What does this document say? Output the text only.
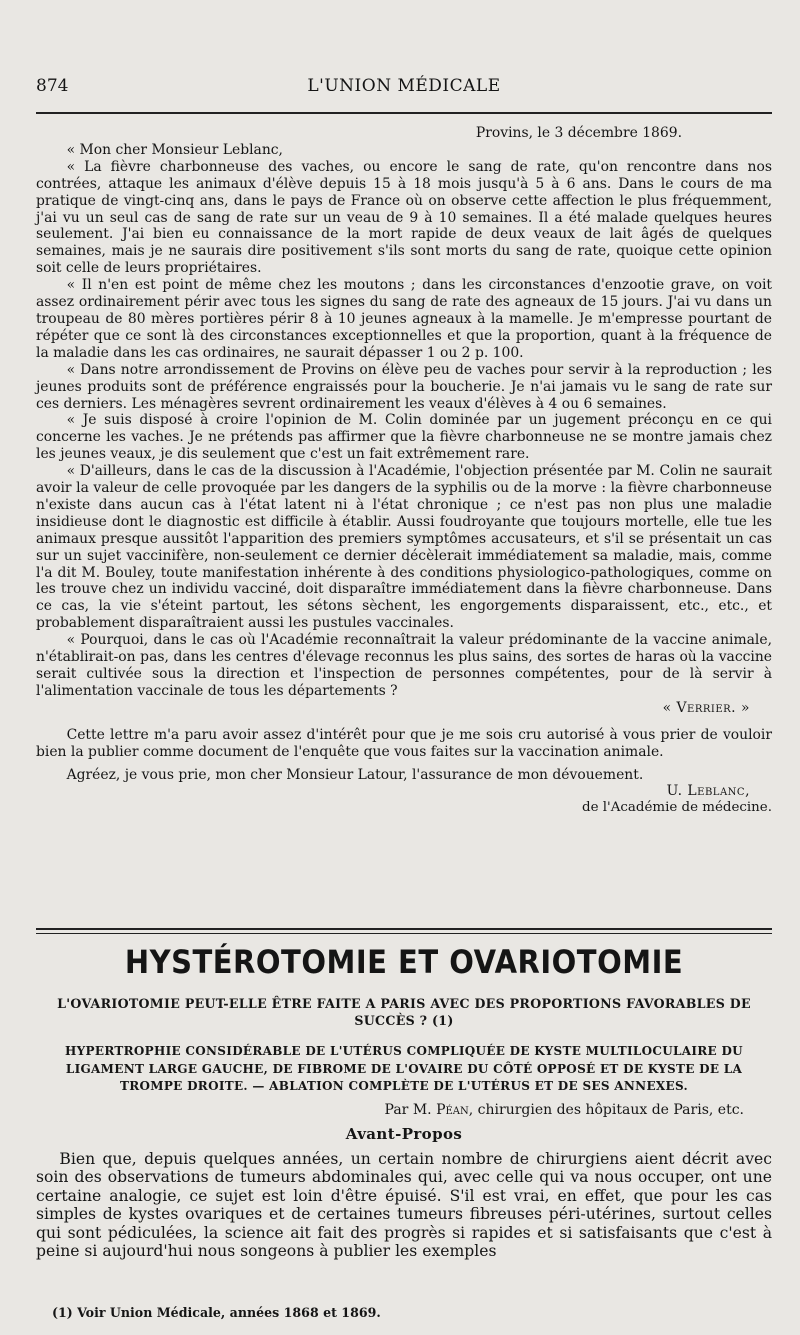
874	L'UNION MÉDICALE

Provins, le 3 décembre 1869.

« Mon cher Monsieur Leblanc,

« La fièvre charbonneuse des vaches, ou encore le sang de rate, qu'on rencontre dans nos contrées, attaque les animaux d'élève depuis 15 à 18 mois jusqu'à 5 à 6 ans. Dans le cours de ma pratique de vingt-cinq ans, dans le pays de France où on observe cette affection le plus fréquemment, j'ai vu un seul cas de sang de rate sur un veau de 9 à 10 semaines. Il a été malade quelques heures seulement. J'ai bien eu connaissance de la mort rapide de deux veaux de lait âgés de quelques semaines, mais je ne saurais dire positivement s'ils sont morts du sang de rate, quoique cette opinion soit celle de leurs propriétaires.

« Il n'en est point de même chez les moutons ; dans les circonstances d'enzootie grave, on voit assez ordinairement périr avec tous les signes du sang de rate des agneaux de 15 jours. J'ai vu dans un troupeau de 80 mères portières périr 8 à 10 jeunes agneaux à la mamelle. Je m'empresse pourtant de répéter que ce sont là des circonstances exceptionnelles et que la proportion, quant à la fréquence de la maladie dans les cas ordinaires, ne saurait dépasser 1 ou 2 p. 100.

« Dans notre arrondissement de Provins on élève peu de vaches pour servir à la reproduction ; les jeunes produits sont de préférence engraissés pour la boucherie. Je n'ai jamais vu le sang de rate sur ces derniers. Les ménagères sevrent ordinairement les veaux d'élèves à 4 ou 6 semaines.

« Je suis disposé à croire l'opinion de M. Colin dominée par un jugement préconçu en ce qui concerne les vaches. Je ne prétends pas affirmer que la fièvre charbonneuse ne se montre jamais chez les jeunes veaux, je dis seulement que c'est un fait extrêmement rare.

« D'ailleurs, dans le cas de la discussion à l'Académie, l'objection présentée par M. Colin ne saurait avoir la valeur de celle provoquée par les dangers de la syphilis ou de la morve : la fièvre charbonneuse n'existe dans aucun cas à l'état latent ni à l'état chronique ; ce n'est pas non plus une maladie insidieuse dont le diagnostic est difficile à établir. Aussi foudroyante que toujours mortelle, elle tue les animaux presque aussitôt l'apparition des premiers symptômes accusateurs, et s'il se présentait un cas sur un sujet vaccinifère, non-seulement ce dernier décèlerait immédiatement sa maladie, mais, comme l'a dit M. Bouley, toute manifestation inhérente à des conditions physiologico-pathologiques, comme on les trouve chez un individu vacciné, doit disparaître immédiatement dans la fièvre charbonneuse. Dans ce cas, la vie s'éteint partout, les sétons sèchent, les engorgements disparaissent, etc., etc., et probablement disparaîtraient aussi les pustules vaccinales.

« Pourquoi, dans le cas où l'Académie reconnaîtrait la valeur prédominante de la vaccine animale, n'établirait-on pas, dans les centres d'élevage reconnus les plus sains, des sortes de haras où la vaccine serait cultivée sous la direction et l'inspection de personnes compétentes, pour de là servir à l'alimentation vaccinale de tous les départements ?

« Verrier. »

Cette lettre m'a paru avoir assez d'intérêt pour que je me sois cru autorisé à vous prier de vouloir bien la publier comme document de l'enquête que vous faites sur la vaccination animale.

Agréez, je vous prie, mon cher Monsieur Latour, l'assurance de mon dévouement.

U. Leblanc,

de l'Académie de médecine.

HYSTÉROTOMIE ET OVARIOTOMIE
L'OVARIOTOMIE PEUT-ELLE ÊTRE FAITE A PARIS AVEC DES PROPORTIONS FAVORABLES DE SUCCÈS ? (1)
HYPERTROPHIE CONSIDÉRABLE DE L'UTÉRUS COMPLIQUÉE DE KYSTE MULTILOCULAIRE DU LIGAMENT LARGE GAUCHE, DE FIBROME DE L'OVAIRE DU CÔTÉ OPPOSÉ ET DE KYSTE DE LA TROMPE DROITE. — ABLATION COMPLÈTE DE L'UTÉRUS ET DE SES ANNEXES.
Par M. Péan, chirurgien des hôpitaux de Paris, etc.
Avant-Propos

Bien que, depuis quelques années, un certain nombre de chirurgiens aient décrit avec soin des observations de tumeurs abdominales qui, avec celle qui va nous occuper, ont une certaine analogie, ce sujet est loin d'être épuisé. S'il est vrai, en effet, que pour les cas simples de kystes ovariques et de certaines tumeurs fibreuses péri-utérines, surtout celles qui sont pédiculées, la science ait fait des progrès si rapides et si satisfaisants que c'est à peine si aujourd'hui nous songeons à publier les exemples

(1) Voir Union Médicale, années 1868 et 1869.
